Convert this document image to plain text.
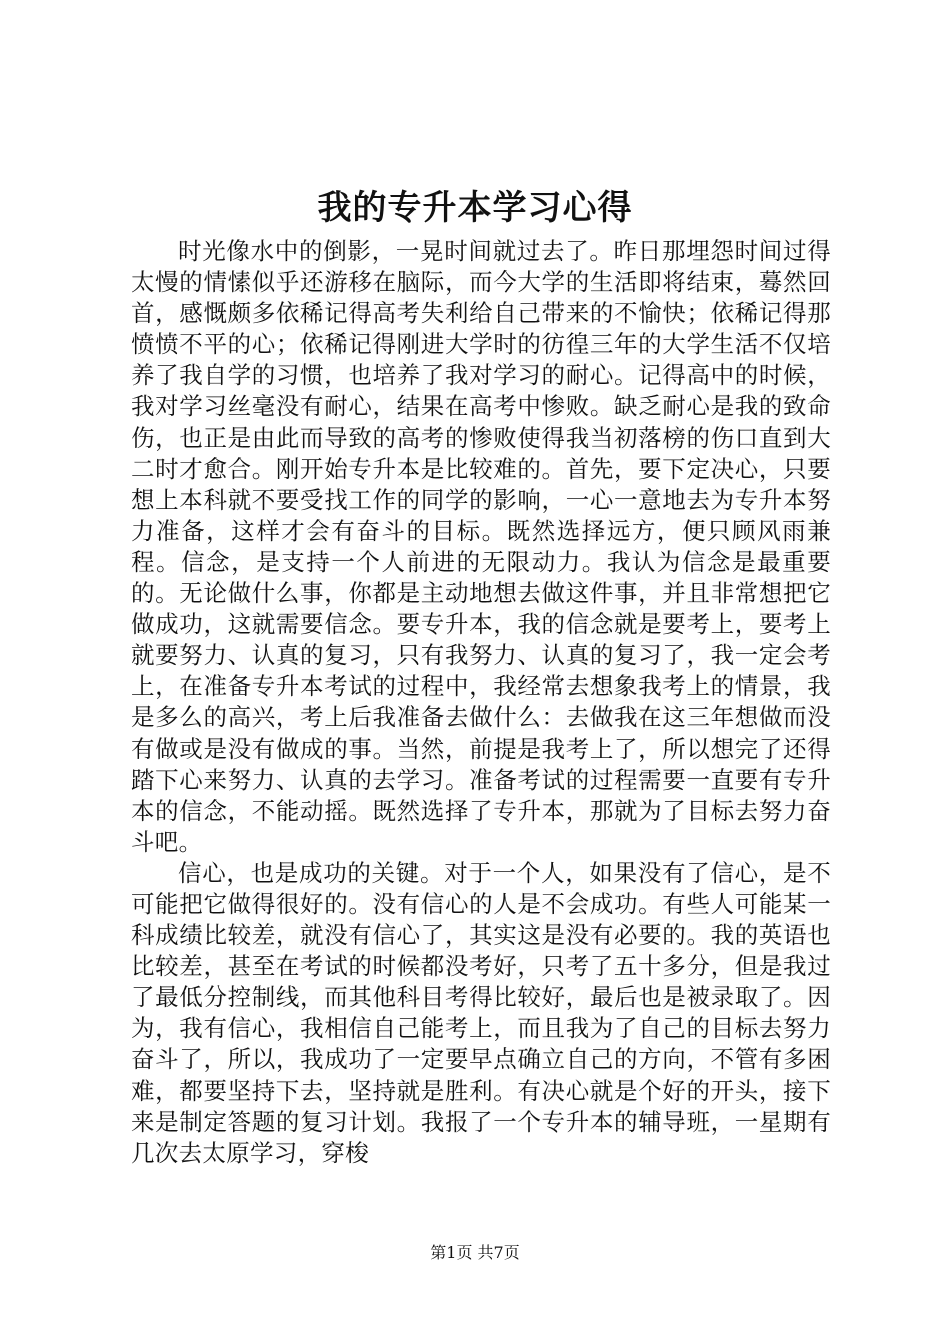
我的专升本学习心得

时光像水中的倒影，一晃时间就过去了。昨日那埋怨时间过得太慢的情愫似乎还游移在脑际，而今大学的生活即将结束，蓦然回首，感慨颇多依稀记得高考失利给自己带来的不愉快；依稀记得那愤愤不平的心；依稀记得刚进大学时的彷徨三年的大学生活不仅培养了我自学的习惯，也培养了我对学习的耐心。记得高中的时候，我对学习丝毫没有耐心，结果在高考中惨败。缺乏耐心是我的致命伤，也正是由此而导致的高考的惨败使得我当初落榜的伤口直到大二时才愈合。刚开始专升本是比较难的。首先，要下定决心，只要想上本科就不要受找工作的同学的影响，一心一意地去为专升本努力准备，这样才会有奋斗的目标。既然选择远方，便只顾风雨兼程。信念，是支持一个人前进的无限动力。我认为信念是最重要的。无论做什么事，你都是主动地想去做这件事，并且非常想把它做成功，这就需要信念。要专升本，我的信念就是要考上，要考上就要努力、认真的复习，只有我努力、认真的复习了，我一定会考上，在准备专升本考试的过程中，我经常去想象我考上的情景，我是多么的高兴，考上后我准备去做什么：去做我在这三年想做而没有做或是没有做成的事。当然，前提是我考上了，所以想完了还得踏下心来努力、认真的去学习。准备考试的过程需要一直要有专升本的信念，不能动摇。既然选择了专升本，那就为了目标去努力奋斗吧。

信心，也是成功的关键。对于一个人，如果没有了信心，是不可能把它做得很好的。没有信心的人是不会成功。有些人可能某一科成绩比较差，就没有信心了，其实这是没有必要的。我的英语也比较差，甚至在考试的时候都没考好，只考了五十多分，但是我过了最低分控制线，而其他科目考得比较好，最后也是被录取了。因为，我有信心，我相信自己能考上，而且我为了自己的目标去努力奋斗了，所以，我成功了一定要早点确立自己的方向，不管有多困难，都要坚持下去，坚持就是胜利。有决心就是个好的开头，接下来是制定答题的复习计划。我报了一个专升本的辅导班，一星期有几次去太原学习，穿梭

第1页 共7页
